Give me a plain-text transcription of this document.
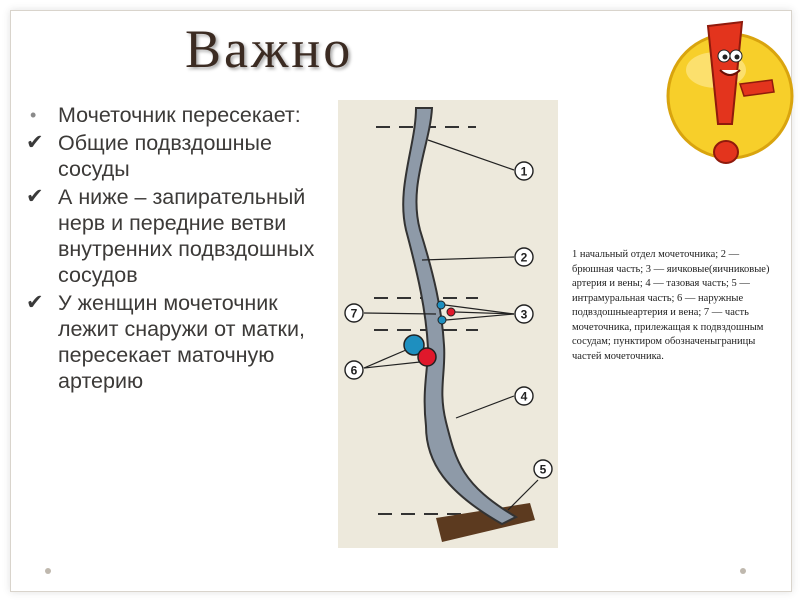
Важно
• Мочеточник пересекает:
✔ Общие подвздошные сосуды
✔ А ниже – запирательный нерв и передние ветви внутренних подвздошных сосудов
✔ У женщин мочеточник лежит снаружи от матки, пересекает маточную артерию
1
2
3
4
5
6
7
1 начальный отдел мочеточника; 2 — брюшная часть; 3 — яичковые(яичниковые) артерия и вены; 4 — тазовая часть; 5 — интрамуральная часть; 6 — наружные подвздошныеартерия и вена; 7 — часть мочеточника, прилежащая к подвздошным сосудам; пунктиром обозначеныграницы частей мочеточника.
